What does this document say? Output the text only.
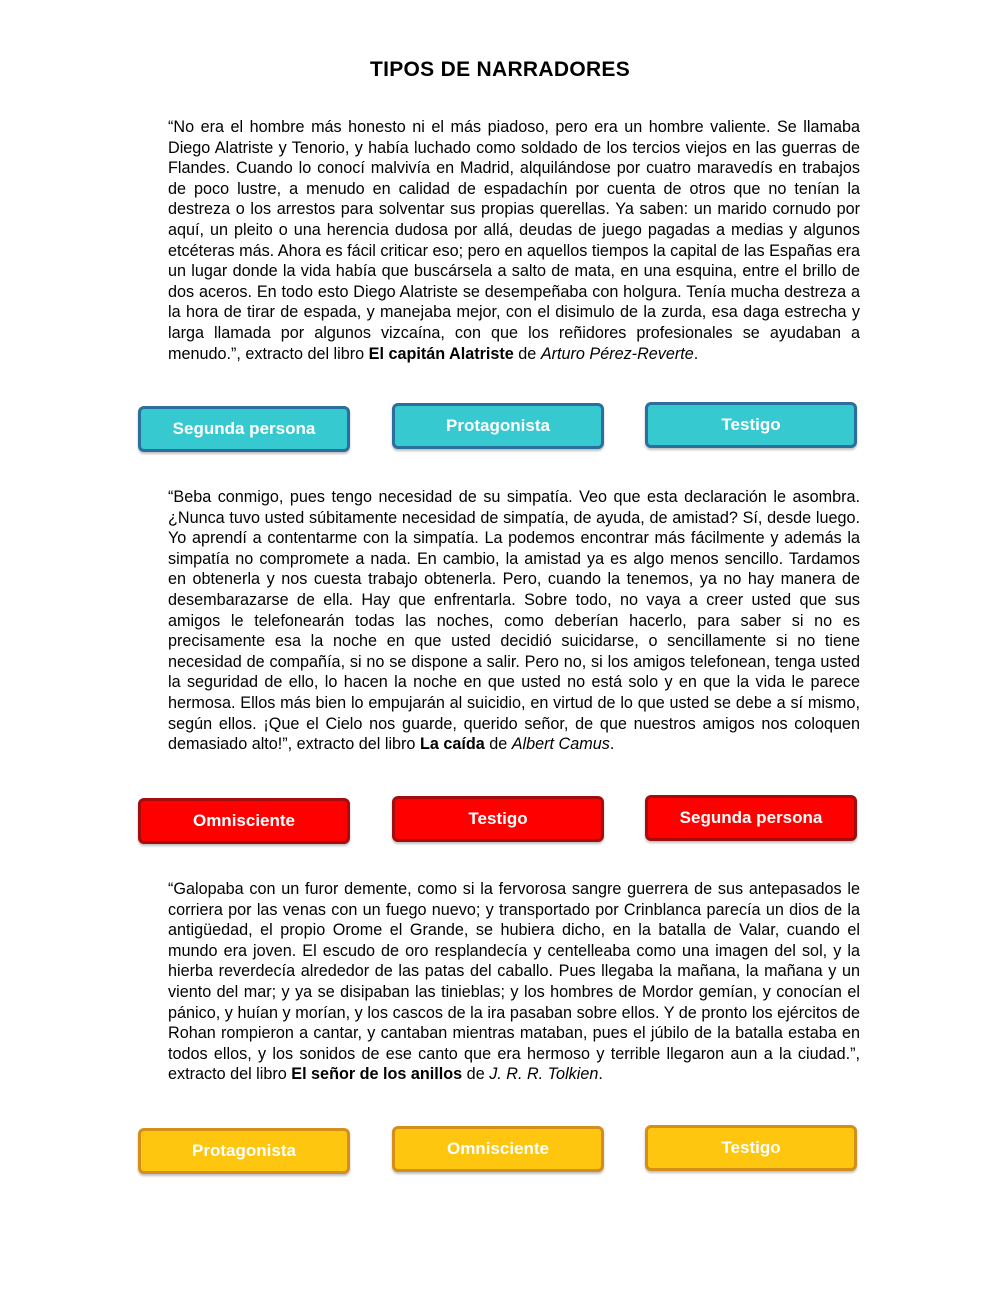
TIPOS DE NARRADORES
“No era el hombre más honesto ni el más piadoso, pero era un hombre valiente. Se llamaba Diego Alatriste y Tenorio, y había luchado como soldado de los tercios viejos en las guerras de Flandes. Cuando lo conocí malvivía en Madrid, alquilándose por cuatro maravedís en trabajos de poco lustre, a menudo en calidad de espadachín por cuenta de otros que no tenían la destreza o los arrestos para solventar sus propias querellas. Ya saben: un marido cornudo por aquí, un pleito o una herencia dudosa por allá, deudas de juego pagadas a medias y algunos etcéteras más. Ahora es fácil criticar eso; pero en aquellos tiempos la capital de las Españas era un lugar donde la vida había que buscársela a salto de mata, en una esquina, entre el brillo de dos aceros. En todo esto Diego Alatriste se desempeñaba con holgura. Tenía mucha destreza a la hora de tirar de espada, y manejaba mejor, con el disimulo de la zurda, esa daga estrecha y larga llamada por algunos vizcaína, con que los reñidores profesionales se ayudaban a menudo.”, extracto del libro El capitán Alatriste de Arturo Pérez-Reverte.
Segunda persona	Protagonista	Testigo
“Beba conmigo, pues tengo necesidad de su simpatía. Veo que esta declaración le asombra. ¿Nunca tuvo usted súbitamente necesidad de simpatía, de ayuda, de amistad? Sí, desde luego. Yo aprendí a contentarme con la simpatía. La podemos encontrar más fácilmente y además la simpatía no compromete a nada. En cambio, la amistad ya es algo menos sencillo. Tardamos en obtenerla y nos cuesta trabajo obtenerla. Pero, cuando la tenemos, ya no hay manera de desembarazarse de ella. Hay que enfrentarla. Sobre todo, no vaya a creer usted que sus amigos le telefonearán todas las noches, como deberían hacerlo, para saber si no es precisamente esa la noche en que usted decidió suicidarse, o sencillamente si no tiene necesidad de compañía, si no se dispone a salir. Pero no, si los amigos telefonean, tenga usted la seguridad de ello, lo hacen la noche en que usted no está solo y en que la vida le parece hermosa. Ellos más bien lo empujarán al suicidio, en virtud de lo que usted se debe a sí mismo, según ellos. ¡Que el Cielo nos guarde, querido señor, de que nuestros amigos nos coloquen demasiado alto!”, extracto del libro La caída de Albert Camus.
Omnisciente	Testigo	Segunda persona
“Galopaba con un furor demente, como si la fervorosa sangre guerrera de sus antepasados le corriera por las venas con un fuego nuevo; y transportado por Crinblanca parecía un dios de la antigüedad, el propio Orome el Grande, se hubiera dicho, en la batalla de Valar, cuando el mundo era joven. El escudo de oro resplandecía y centelleaba como una imagen del sol, y la hierba reverdecía alrededor de las patas del caballo. Pues llegaba la mañana, la mañana y un viento del mar; y ya se disipaban las tinieblas; y los hombres de Mordor gemían, y conocían el pánico, y huían y morían, y los cascos de la ira pasaban sobre ellos. Y de pronto los ejércitos de Rohan rompieron a cantar, y cantaban mientras mataban, pues el júbilo de la batalla estaba en todos ellos, y los sonidos de ese canto que era hermoso y terrible llegaron aun a la ciudad.”, extracto del libro El señor de los anillos de J. R. R. Tolkien.
Protagonista	Omnisciente	Testigo
